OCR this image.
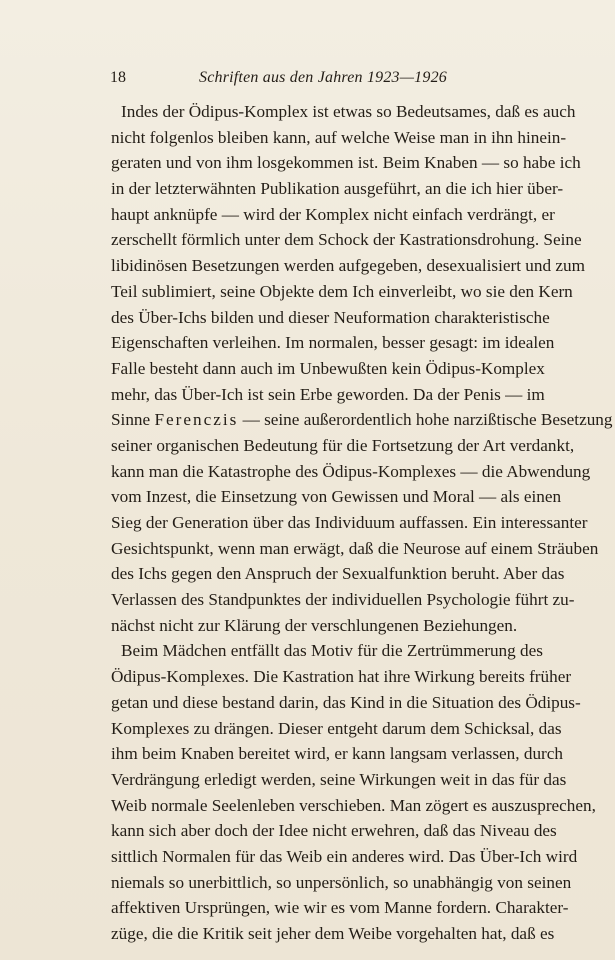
18	Schriften aus den Jahren 1923—1926
Indes der Ödipus-Komplex ist etwas so Bedeutsames, daß es auch
nicht folgenlos bleiben kann, auf welche Weise man in ihn hinein-
geraten und von ihm losgekommen ist. Beim Knaben — so habe ich
in der letzterwähnten Publikation ausgeführt, an die ich hier über-
haupt anknüpfe — wird der Komplex nicht einfach verdrängt, er
zerschellt förmlich unter dem Schock der Kastrationsdrohung. Seine
libidinösen Besetzungen werden aufgegeben, desexualisiert und zum
Teil sublimiert, seine Objekte dem Ich einverleibt, wo sie den Kern
des Über-Ichs bilden und dieser Neuformation charakteristische
Eigenschaften verleihen. Im normalen, besser gesagt: im idealen
Falle besteht dann auch im Unbewußten kein Ödipus-Komplex
mehr, das Über-Ich ist sein Erbe geworden. Da der Penis — im
Sinne Ferenczis — seine außerordentlich hohe narzißtische Besetzung
seiner organischen Bedeutung für die Fortsetzung der Art verdankt,
kann man die Katastrophe des Ödipus-Komplexes — die Abwendung
vom Inzest, die Einsetzung von Gewissen und Moral — als einen
Sieg der Generation über das Individuum auffassen. Ein interessanter
Gesichtspunkt, wenn man erwägt, daß die Neurose auf einem Sträuben
des Ichs gegen den Anspruch der Sexualfunktion beruht. Aber das
Verlassen des Standpunktes der individuellen Psychologie führt zu-
nächst nicht zur Klärung der verschlungenen Beziehungen.
Beim Mädchen entfällt das Motiv für die Zertrümmerung des
Ödipus-Komplexes. Die Kastration hat ihre Wirkung bereits früher
getan und diese bestand darin, das Kind in die Situation des Ödipus-
Komplexes zu drängen. Dieser entgeht darum dem Schicksal, das
ihm beim Knaben bereitet wird, er kann langsam verlassen, durch
Verdrängung erledigt werden, seine Wirkungen weit in das für das
Weib normale Seelenleben verschieben. Man zögert es auszusprechen,
kann sich aber doch der Idee nicht erwehren, daß das Niveau des
sittlich Normalen für das Weib ein anderes wird. Das Über-Ich wird
niemals so unerbittlich, so unpersönlich, so unabhängig von seinen
affektiven Ursprüngen, wie wir es vom Manne fordern. Charakter-
züge, die die Kritik seit jeher dem Weibe vorgehalten hat, daß es
